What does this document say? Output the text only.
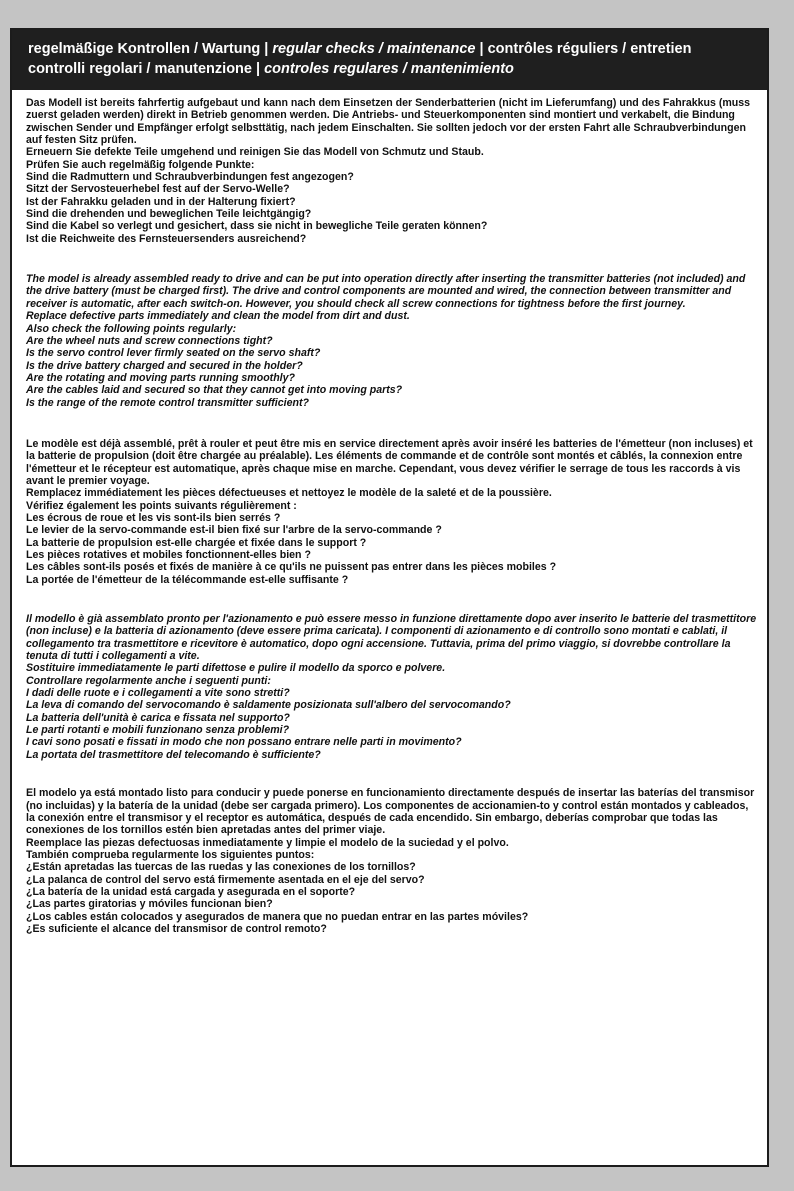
regelmäßige Kontrollen / Wartung | regular checks / maintenance | contrôles réguliers / entretien
controlli regolari / manutenzione | controles regulares / mantenimiento
Das Modell ist bereits fahrfertig aufgebaut und kann nach dem Einsetzen der Senderbatterien (nicht im Lieferumfang) und des Fahrakkus (muss zuerst geladen werden) direkt in Betrieb genommen werden. Die Antriebs- und Steuerkomponenten sind montiert und verkabelt, die Bindung zwischen Sender und Empfänger erfolgt selbsttätig, nach jedem Einschalten. Sie sollten jedoch vor der ersten Fahrt alle Schraubverbindungen auf festen Sitz prüfen.
Erneuern Sie defekte Teile umgehend und reinigen Sie das Modell von Schmutz und Staub.
Prüfen Sie auch regelmäßig folgende Punkte:
Sind die Radmuttern und Schraubverbindungen fest angezogen?
Sitzt der Servosteuerhebel fest auf der Servo-Welle?
Ist der Fahrakku geladen und in der Halterung fixiert?
Sind die drehenden und beweglichen Teile leichtgängig?
Sind die Kabel so verlegt und gesichert, dass sie nicht in bewegliche Teile geraten können?
Ist die Reichweite des Fernsteuersenders ausreichend?
The model is already assembled ready to drive and can be put into operation directly after inserting the transmitter batteries (not included) and the drive battery (must be charged first). The drive and control components are mounted and wired, the connection between transmitter and receiver is automatic, after each switch-on. However, you should check all screw connections for tightness before the first journey.
Replace defective parts immediately and clean the model from dirt and dust.
Also check the following points regularly:
Are the wheel nuts and screw connections tight?
Is the servo control lever firmly seated on the servo shaft?
Is the drive battery charged and secured in the holder?
Are the rotating and moving parts running smoothly?
Are the cables laid and secured so that they cannot get into moving parts?
Is the range of the remote control transmitter sufficient?
Le modèle est déjà assemblé, prêt à rouler et peut être mis en service directement après avoir inséré les batteries de l'émetteur (non incluses) et la batterie de propulsion (doit être chargée au préalable). Les éléments de commande et de contrôle sont montés et câblés, la connexion entre l'émetteur et le récepteur est automatique, après chaque mise en marche. Cependant, vous devez vérifier le serrage de tous les raccords à vis avant le premier voyage.
Remplacez immédiatement les pièces défectueuses et nettoyez le modèle de la saleté et de la poussière.
Vérifiez également les points suivants régulièrement :
Les écrous de roue et les vis sont-ils bien serrés ?
Le levier de la servo-commande est-il bien fixé sur l'arbre de la servo-commande ?
La batterie de propulsion est-elle chargée et fixée dans le support ?
Les pièces rotatives et mobiles fonctionnent-elles bien ?
Les câbles sont-ils posés et fixés de manière à ce qu'ils ne puissent pas entrer dans les pièces mobiles ?
La portée de l'émetteur de la télécommande est-elle suffisante ?
Il modello è già assemblato pronto per l'azionamento e può essere messo in funzione direttamente dopo aver inserito le batterie del trasmettitore (non incluse) e la batteria di azionamento (deve essere prima caricata). I componenti di azionamento e di controllo sono montati e cablati, il collegamento tra trasmettitore e ricevitore è automatico, dopo ogni accensione. Tuttavia, prima del primo viaggio, si dovrebbe controllare la tenuta di tutti i collegamenti a vite.
Sostituire immediatamente le parti difettose e pulire il modello da sporco e polvere.
Controllare regolarmente anche i seguenti punti:
I dadi delle ruote e i collegamenti a vite sono stretti?
La leva di comando del servocomando è saldamente posizionata sull'albero del servocomando?
La batteria dell'unità è carica e fissata nel supporto?
Le parti rotanti e mobili funzionano senza problemi?
I cavi sono posati e fissati in modo che non possano entrare nelle parti in movimento?
La portata del trasmettitore del telecomando è sufficiente?
El modelo ya está montado listo para conducir y puede ponerse en funcionamiento directamente después de insertar las baterías del transmisor (no incluidas) y la batería de la unidad (debe ser cargada primero). Los componentes de accionamien-to y control están montados y cableados, la conexión entre el transmisor y el receptor es automática, después de cada encendido. Sin embargo, deberías comprobar que todas las conexiones de los tornillos estén bien apretadas antes del primer viaje.
Reemplace las piezas defectuosas inmediatamente y limpie el modelo de la suciedad y el polvo.
También comprueba regularmente los siguientes puntos:
¿Están apretadas las tuercas de las ruedas y las conexiones de los tornillos?
¿La palanca de control del servo está firmemente asentada en el eje del servo?
¿La batería de la unidad está cargada y asegurada en el soporte?
¿Las partes giratorias y móviles funcionan bien?
¿Los cables están colocados y asegurados de manera que no puedan entrar en las partes móviles?
¿Es suficiente el alcance del transmisor de control remoto?
